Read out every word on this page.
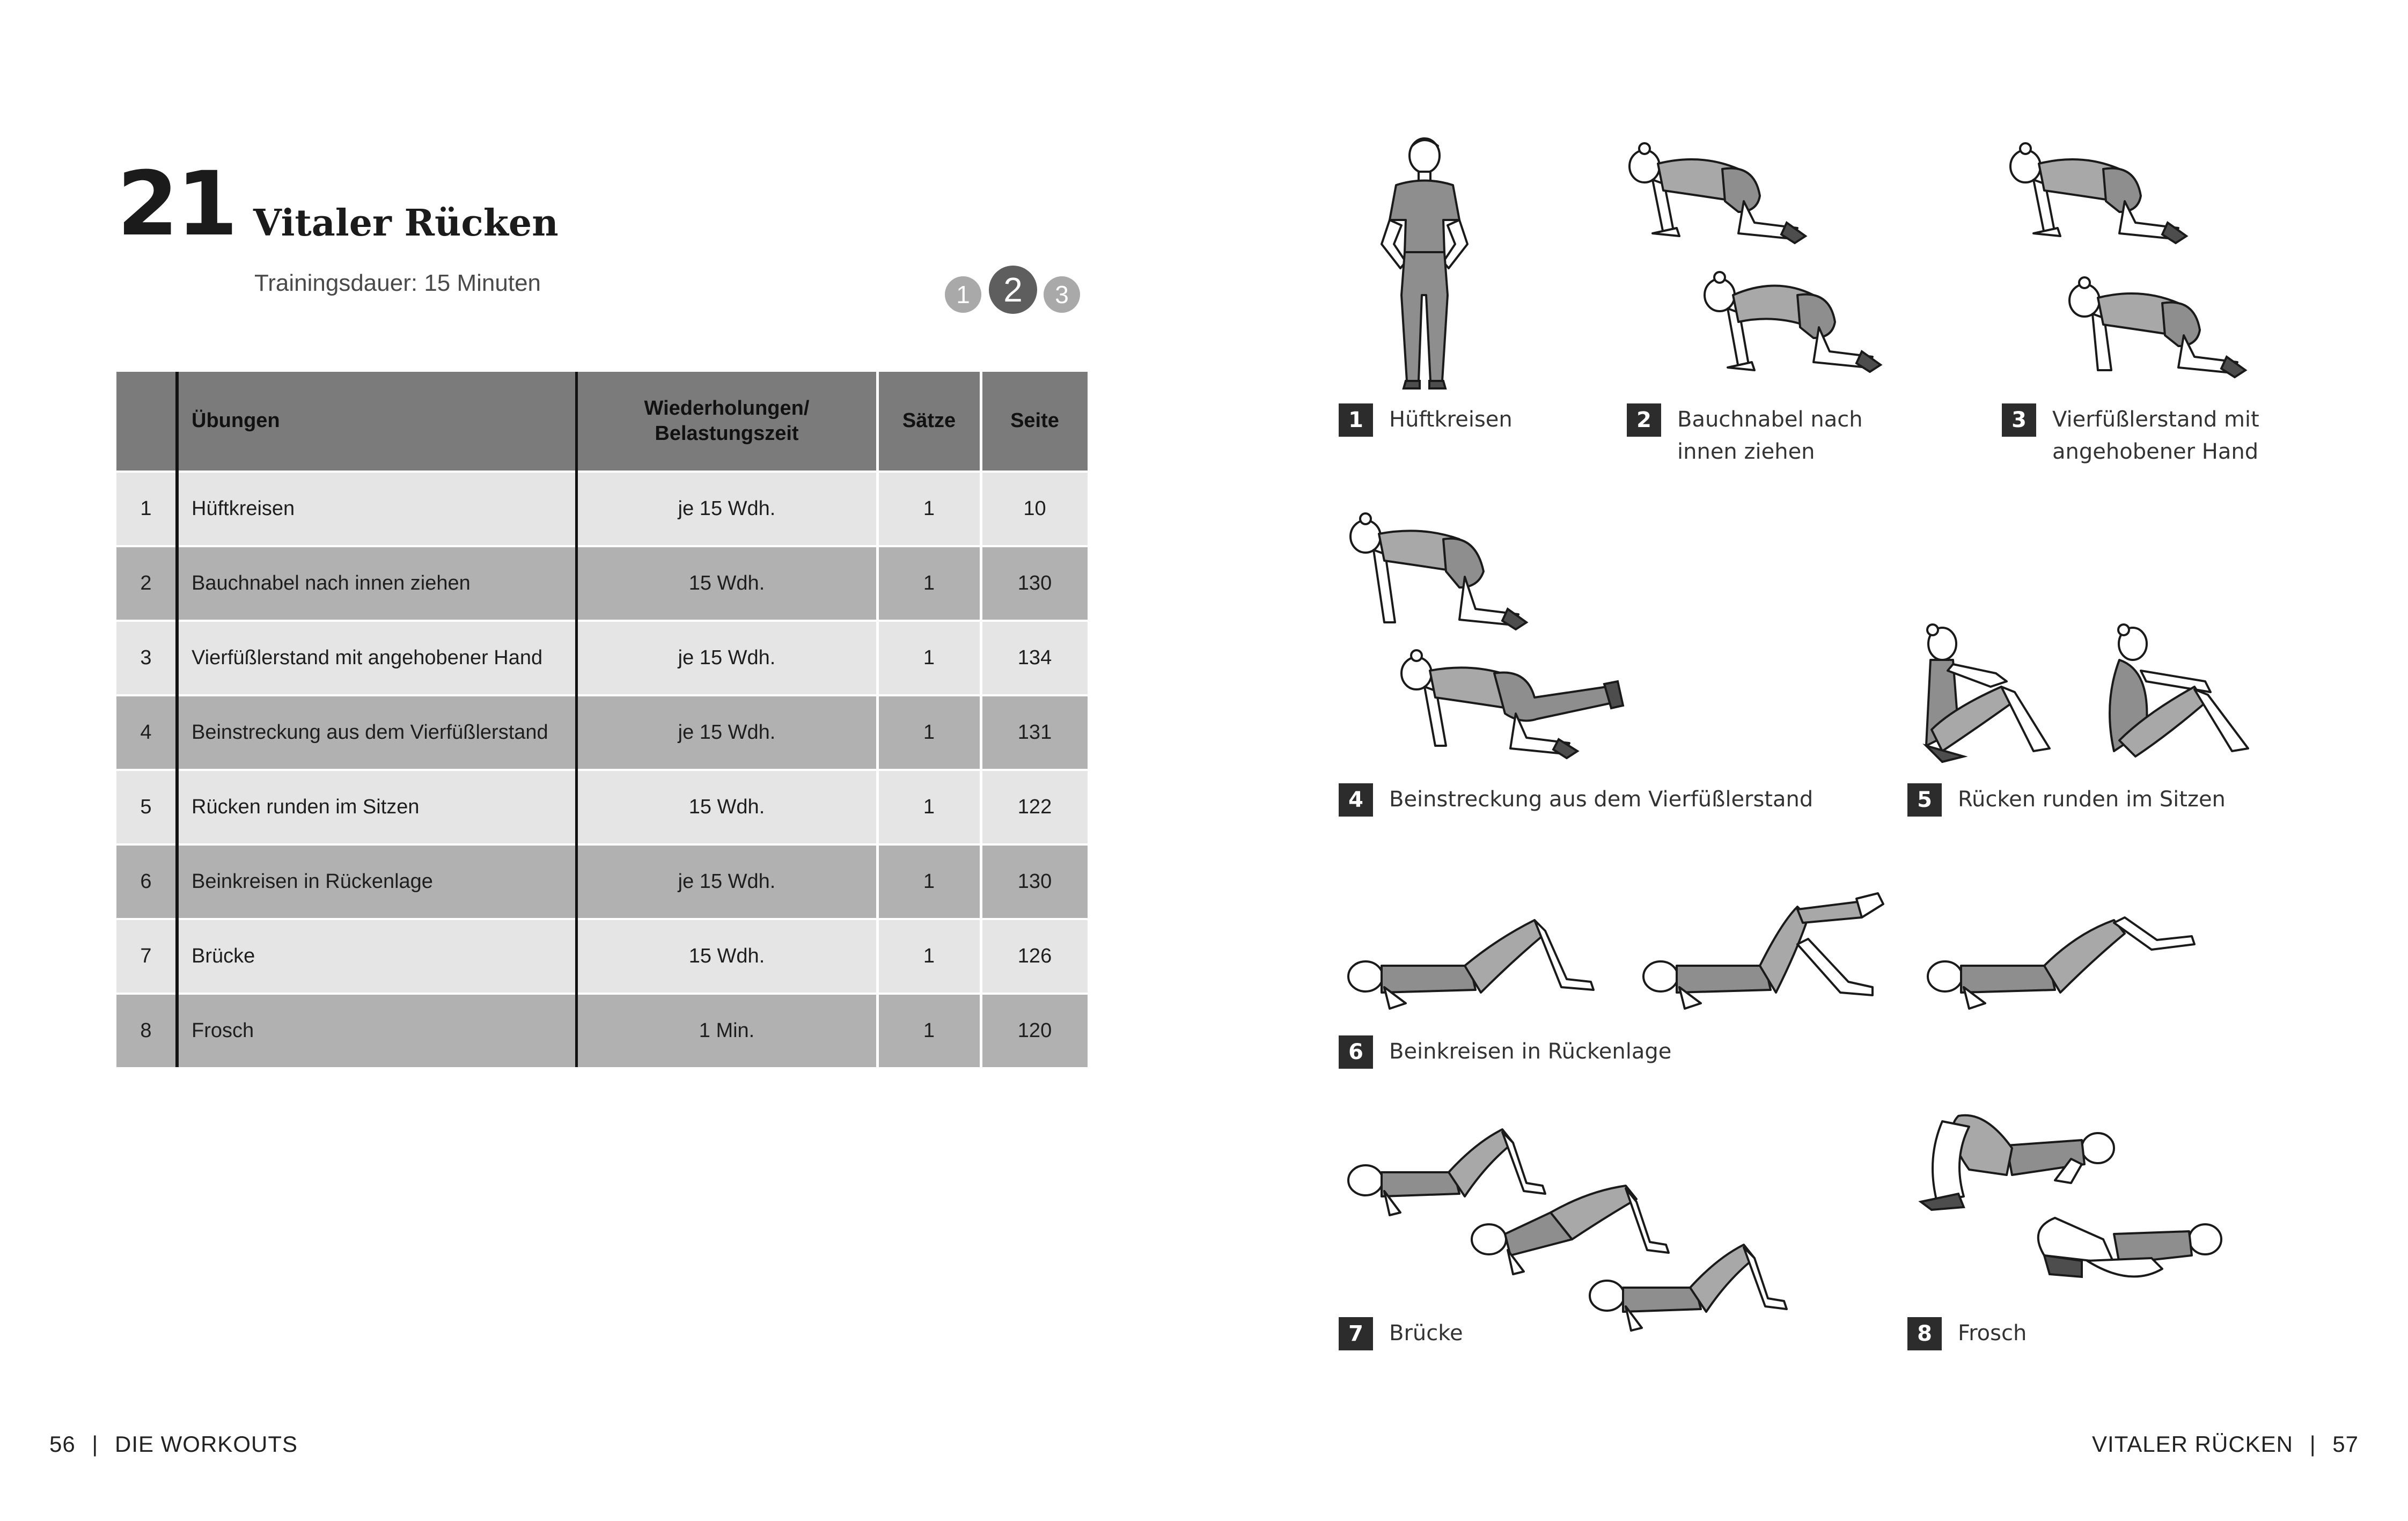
21 Vitaler Rücken
Trainingsdauer: 15 Minuten	1 2	3
	Übungen	Wiederholungen/
Belastungszeit	Sätze	Seite
1	Hüftkreisen	je 15 Wdh.	1	10
2	Bauchnabel nach innen ziehen	15 Wdh.	1	130
3	Vierfüßlerstand mit angehobener Hand	je 15 Wdh.	1	134
4	Beinstreckung aus dem Vierfüßlerstand	je 15 Wdh.	1	131
5	Rücken runden im Sitzen	15 Wdh.	1	122
6	Beinkreisen in Rückenlage	je 15 Wdh.	1	130
7	Brücke	15 Wdh.	1	126
8	Frosch	1 Min.	1	120
56 | DIE WORKOUTS	VITALER RÜCKEN | 57
1 Hüftkreisen	2 Bauchnabel nach
innen ziehen
3 Vierfüßlerstand mit
angehobener Hand
4 Beinstreckung aus dem Vierfüßlerstand	5 Rücken runden im Sitzen
6 Beinkreisen in Rückenlage
7 Brücke	8 Frosch
